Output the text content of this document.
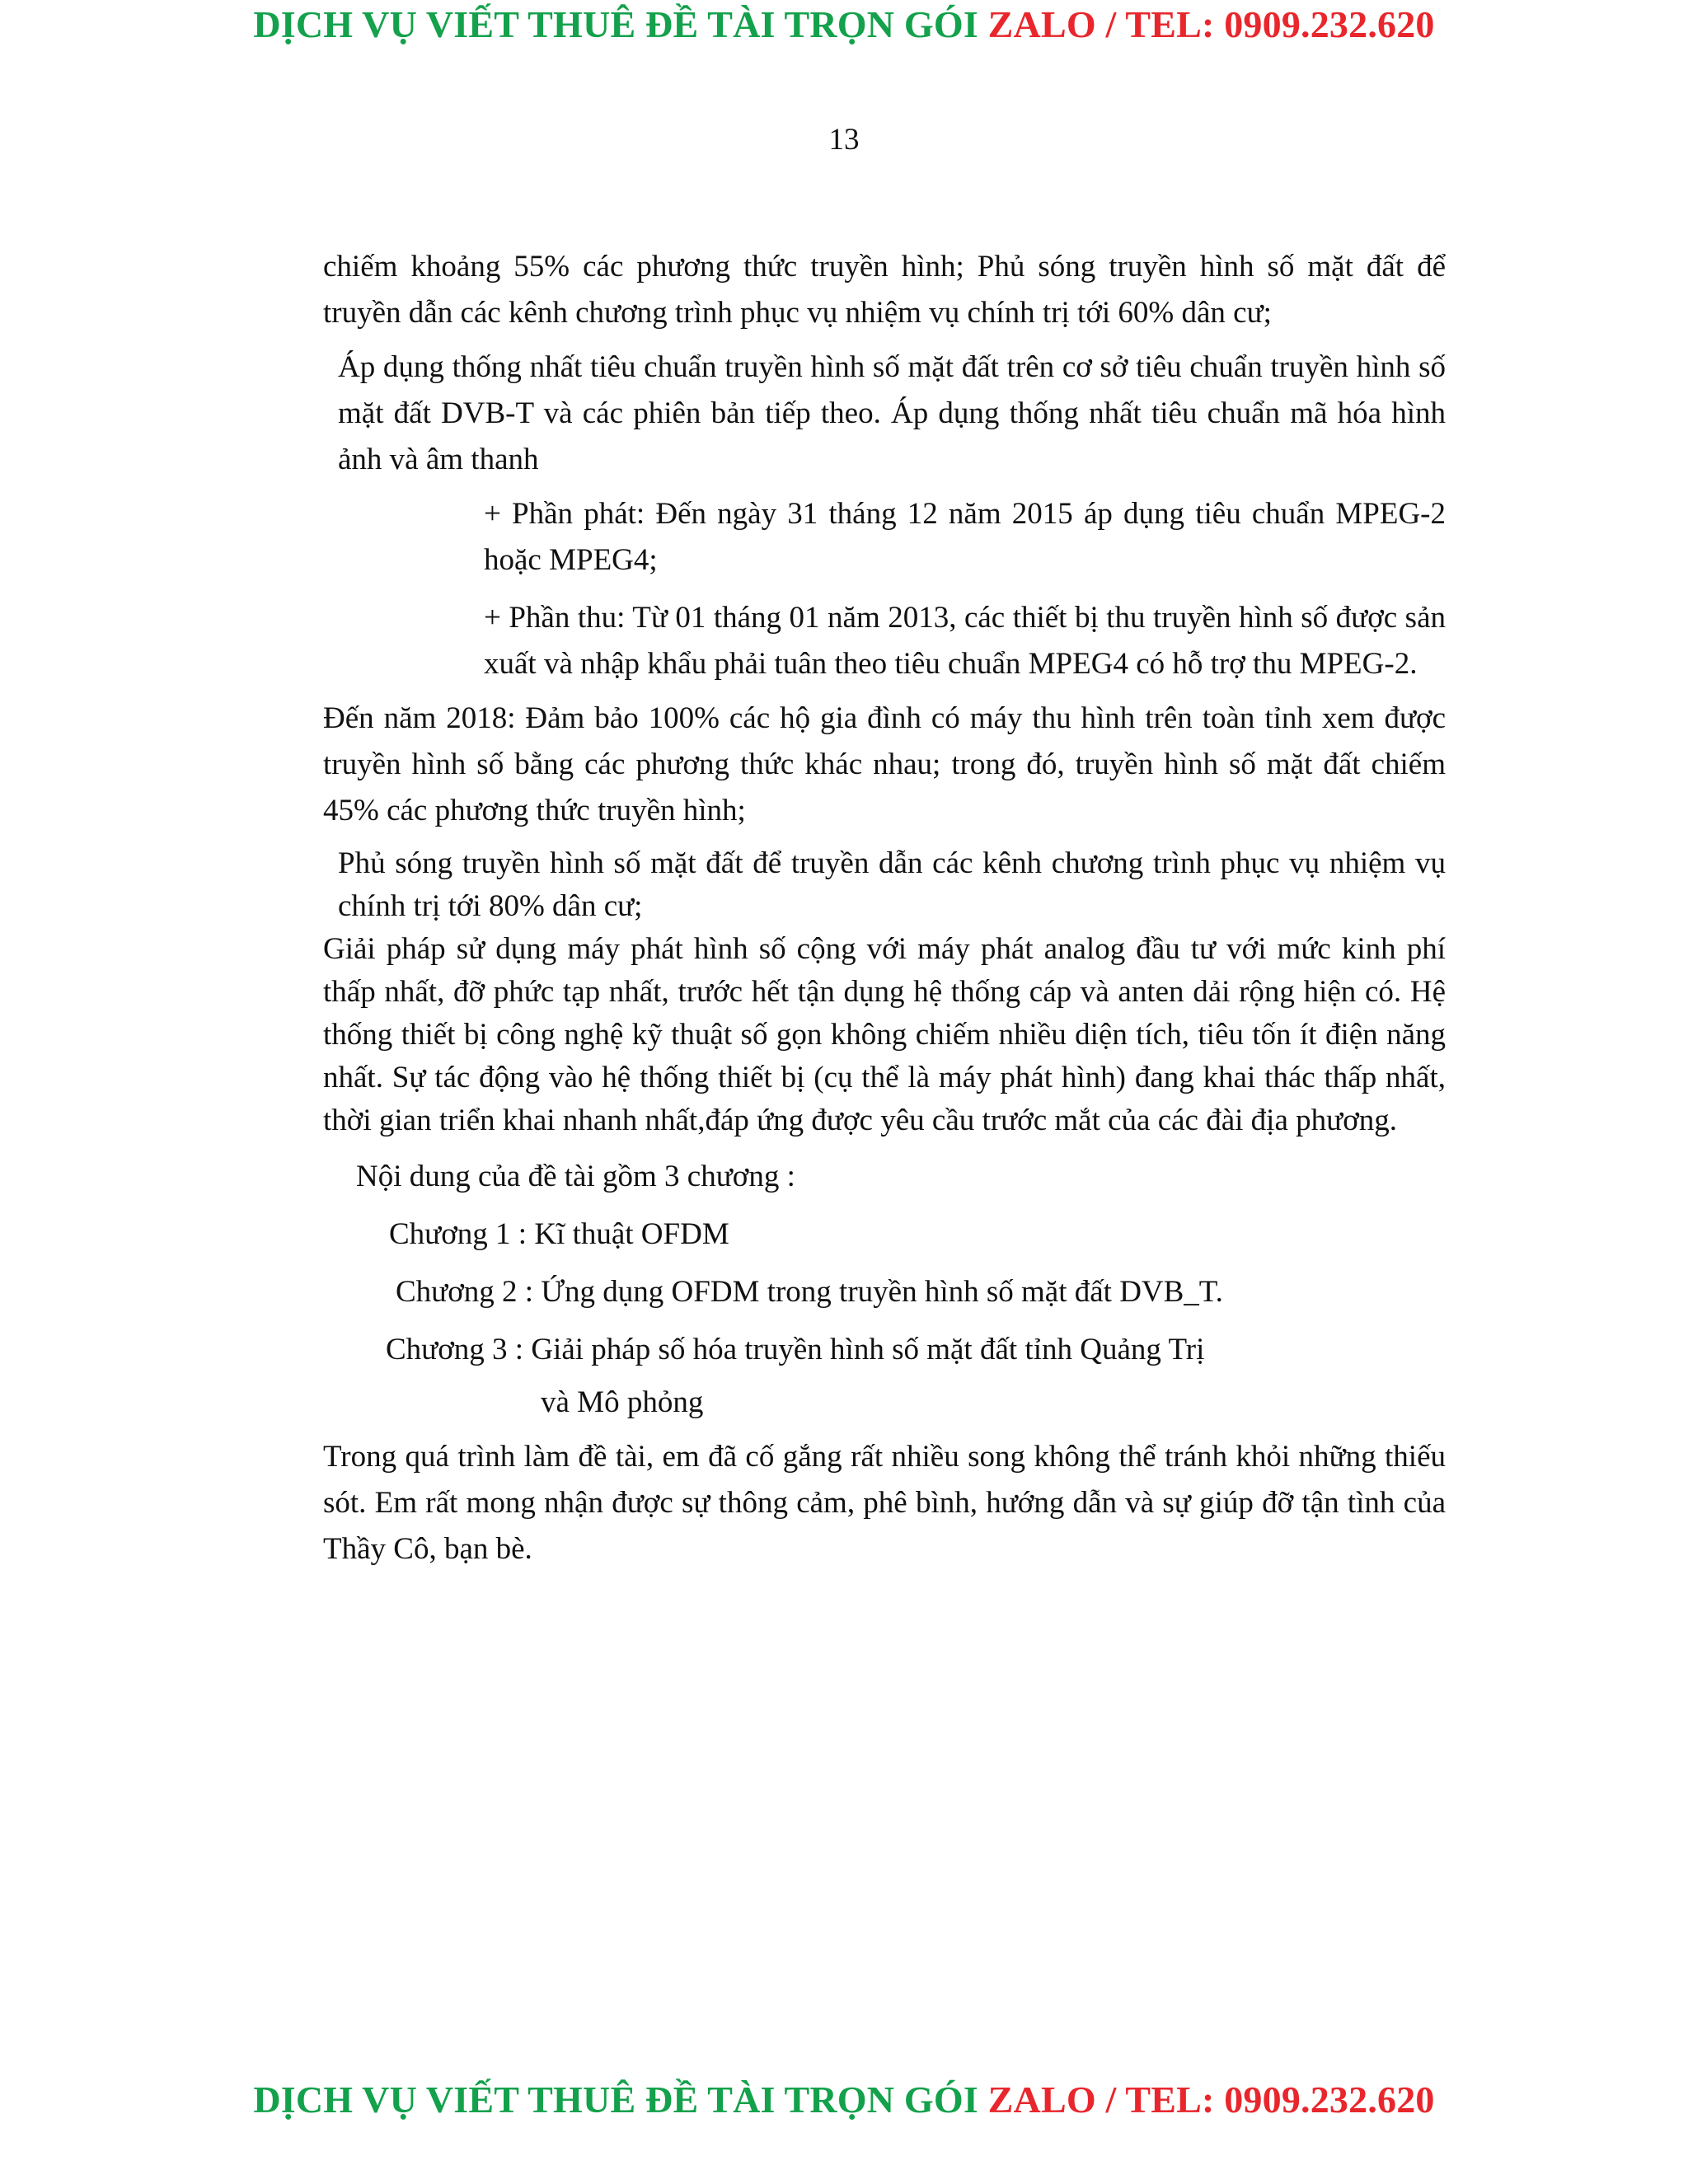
DỊCH VỤ VIẾT THUÊ ĐỀ TÀI TRỌN GÓI ZALO / TEL: 0909.232.620
13

chiếm khoảng 55% các phương thức truyền hình; Phủ sóng truyền hình số mặt đất để truyền dẫn các kênh chương trình phục vụ nhiệm vụ chính trị tới 60% dân cư;

Áp dụng thống nhất tiêu chuẩn truyền hình số mặt đất trên cơ sở tiêu chuẩn truyền hình số mặt đất DVB-T và các phiên bản tiếp theo. Áp dụng thống nhất tiêu chuẩn mã hóa hình ảnh và âm thanh

+ Phần phát: Đến ngày 31 tháng 12 năm 2015 áp dụng tiêu chuẩn MPEG-2 hoặc MPEG4;

+ Phần thu: Từ 01 tháng 01 năm 2013, các thiết bị thu truyền hình số được sản xuất và nhập khẩu phải tuân theo tiêu chuẩn MPEG4 có hỗ trợ thu MPEG-2.

Đến năm 2018: Đảm bảo 100% các hộ gia đình có máy thu hình trên toàn tỉnh xem được truyền hình số bằng các phương thức khác nhau; trong đó, truyền hình số mặt đất chiếm 45% các phương thức truyền hình;

Phủ sóng truyền hình số mặt đất để truyền dẫn các kênh chương trình phục vụ nhiệm vụ chính trị tới 80% dân cư;

Giải pháp sử dụng máy phát hình số cộng với máy phát analog đầu tư với mức kinh phí thấp nhất, đỡ phức tạp nhất, trước hết tận dụng hệ thống cáp và anten dải rộng hiện có. Hệ thống thiết bị công nghệ kỹ thuật số gọn không chiếm nhiều diện tích, tiêu tốn ít điện năng nhất. Sự tác động vào hệ thống thiết bị (cụ thể là máy phát hình) đang khai thác thấp nhất, thời gian triển khai nhanh nhất,đáp ứng được yêu cầu trước mắt của các đài địa phương.

Nội dung của đề tài gồm 3 chương :

Chương 1 : Kĩ thuật OFDM

Chương 2 : Ứng dụng OFDM trong truyền hình số mặt đất DVB_T.

Chương 3 : Giải pháp số hóa truyền hình số mặt đất tỉnh Quảng Trị

và Mô phỏng

Trong quá trình làm đề tài, em đã cố gắng rất nhiều song không thể tránh khỏi những thiếu sót. Em rất mong nhận được sự thông cảm, phê bình, hướng dẫn và sự giúp đỡ tận tình của Thầy Cô, bạn bè.

DỊCH VỤ VIẾT THUÊ ĐỀ TÀI TRỌN GÓI ZALO / TEL: 0909.232.620
